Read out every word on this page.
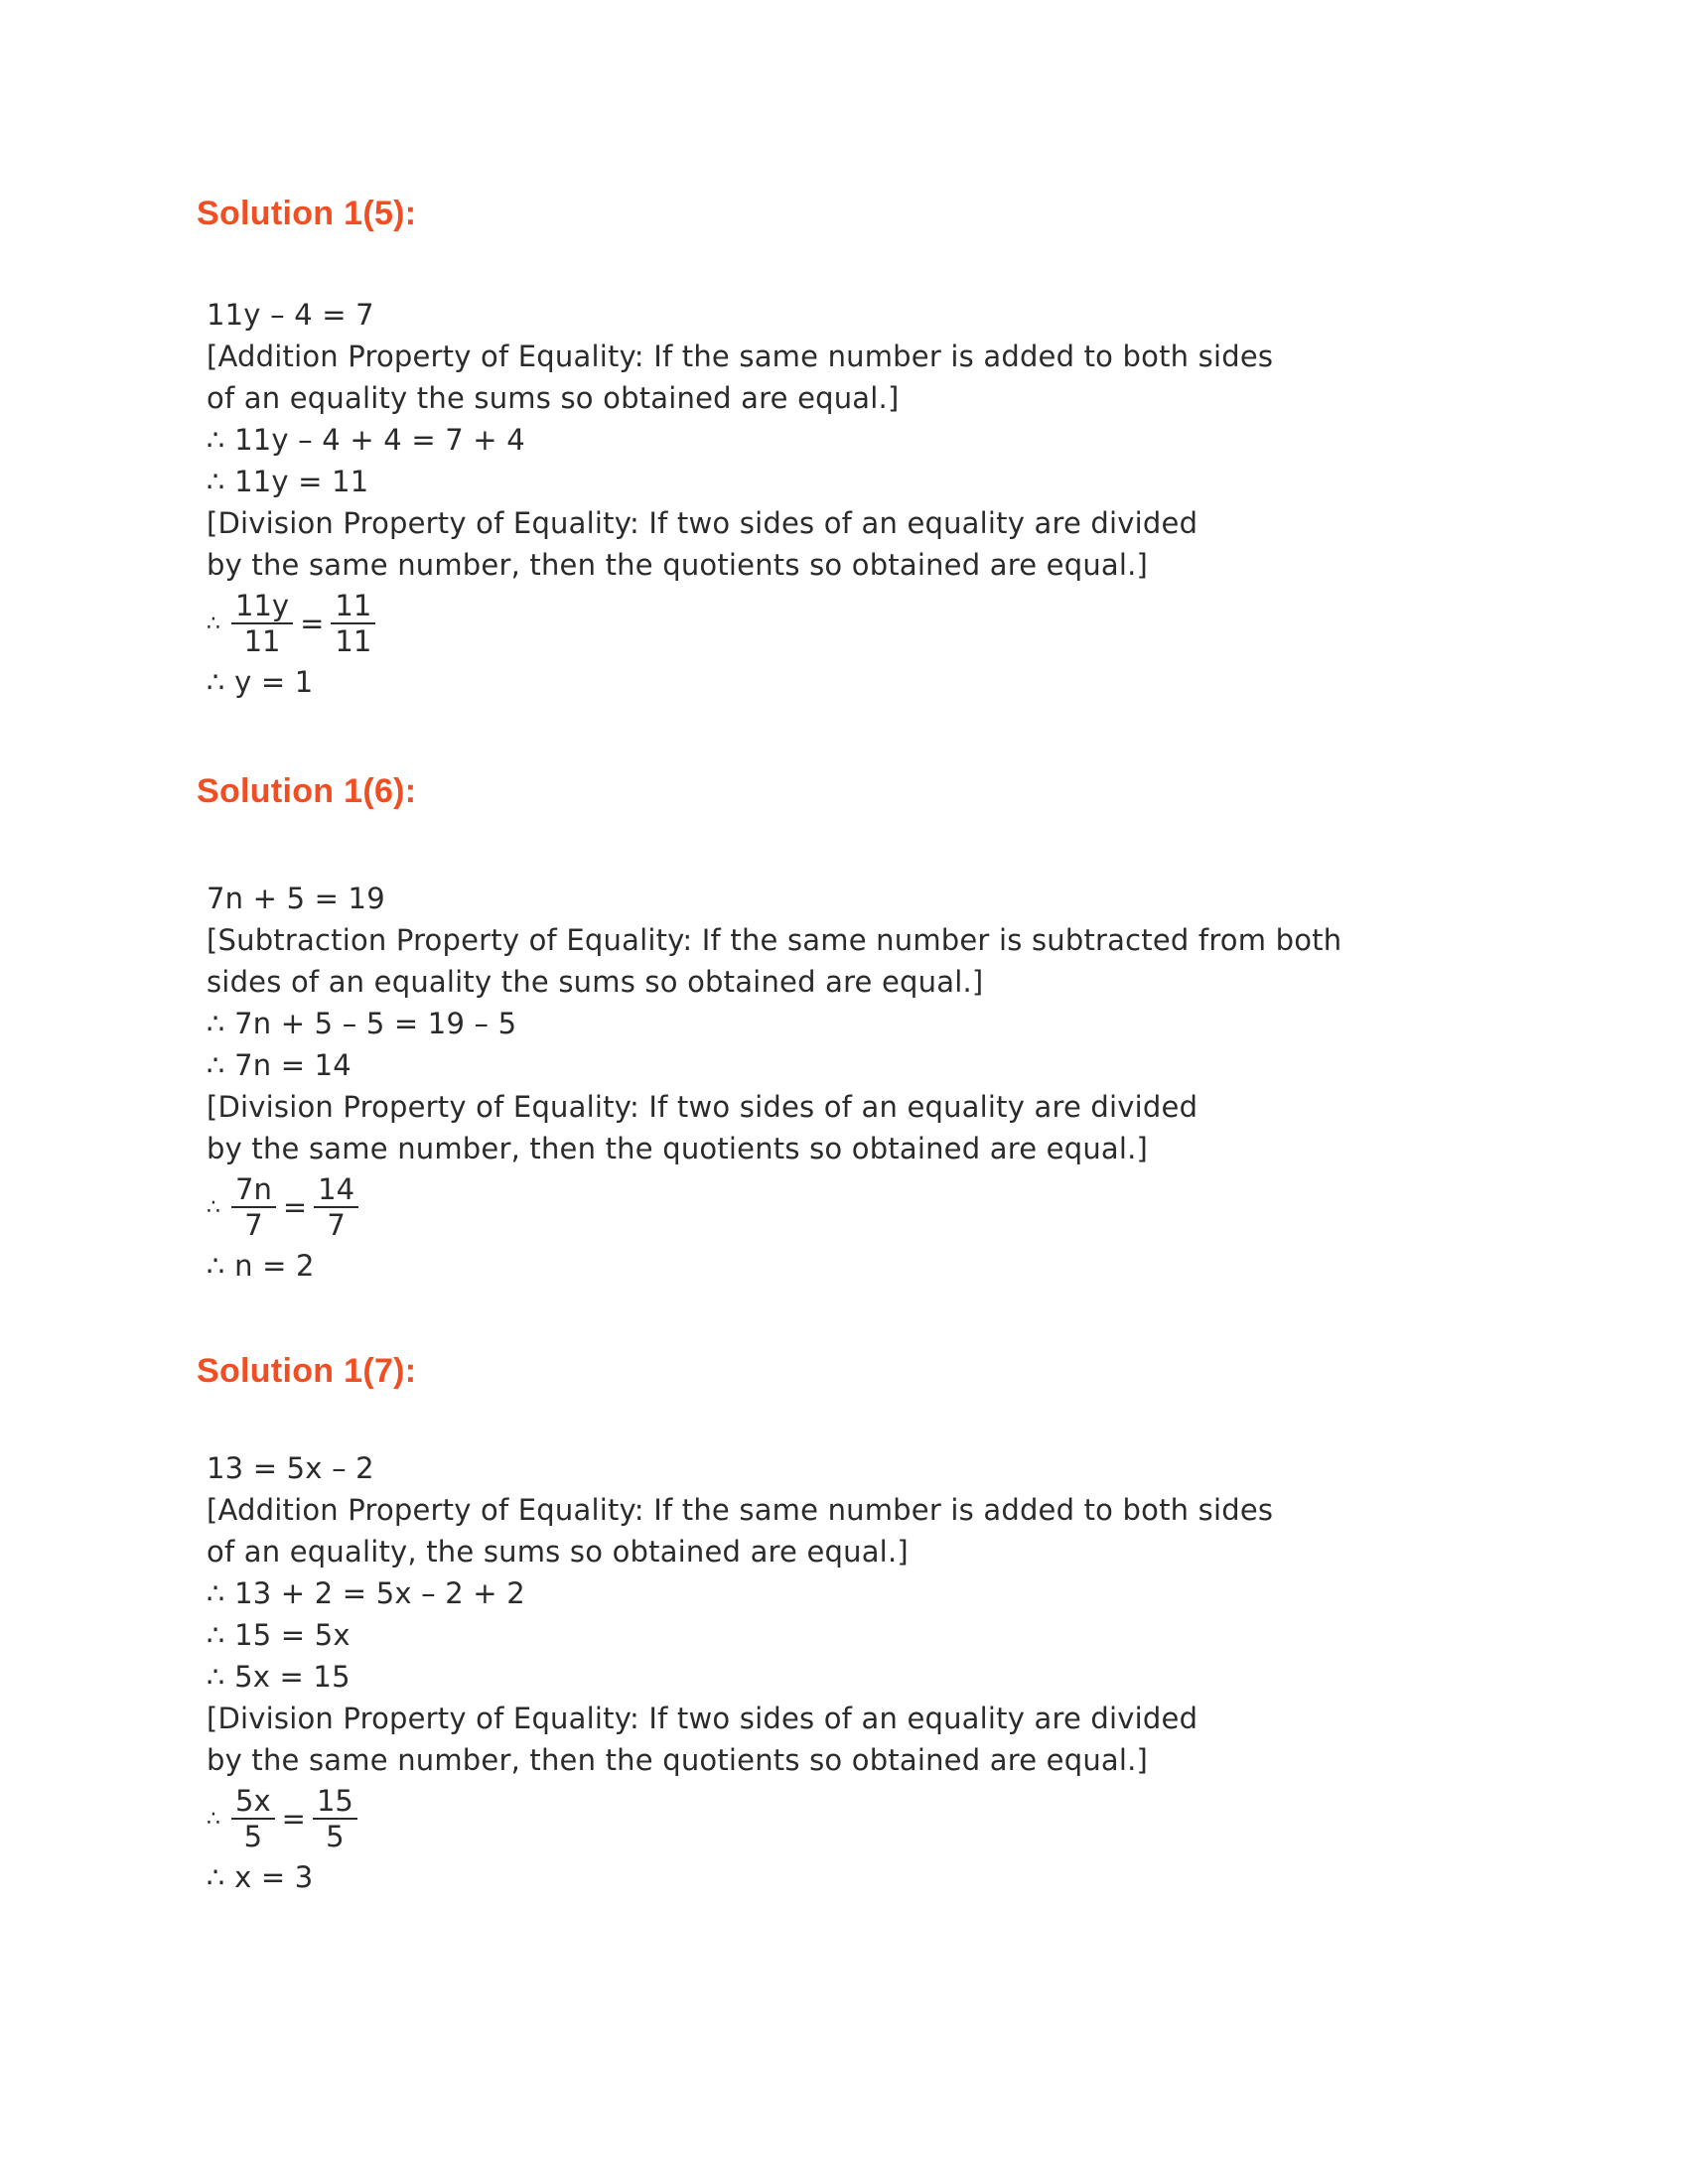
Solution 1(5):
11y – 4 = 7
[Addition Property of Equality: If the same number is added to both sides
of an equality the sums so obtained are equal.]
∴ 11y – 4 + 4 = 7 + 4
∴ 11y = 11
[Division Property of Equality: If two sides of an equality are divided
by the same number, then the quotients so obtained are equal.]
∴ $\frac{11y}{11} = \frac{11}{11}$
∴ y = 1
Solution 1(6):
7n + 5 = 19
[Subtraction Property of Equality: If the same number is subtracted from both
sides of an equality the sums so obtained are equal.]
∴ 7n + 5 – 5 = 19 – 5
∴ 7n = 14
[Division Property of Equality: If two sides of an equality are divided
by the same number, then the quotients so obtained are equal.]
∴ $\frac{7n}{7} = \frac{14}{7}$
∴ n = 2
Solution 1(7):
13 = 5x – 2
[Addition Property of Equality: If the same number is added to both sides
of an equality, the sums so obtained are equal.]
∴ 13 + 2 = 5x – 2 + 2
∴ 15 = 5x
∴ 5x = 15
[Division Property of Equality: If two sides of an equality are divided
by the same number, then the quotients so obtained are equal.]
∴ $\frac{5x}{5} = \frac{15}{5}$
∴ x = 3
